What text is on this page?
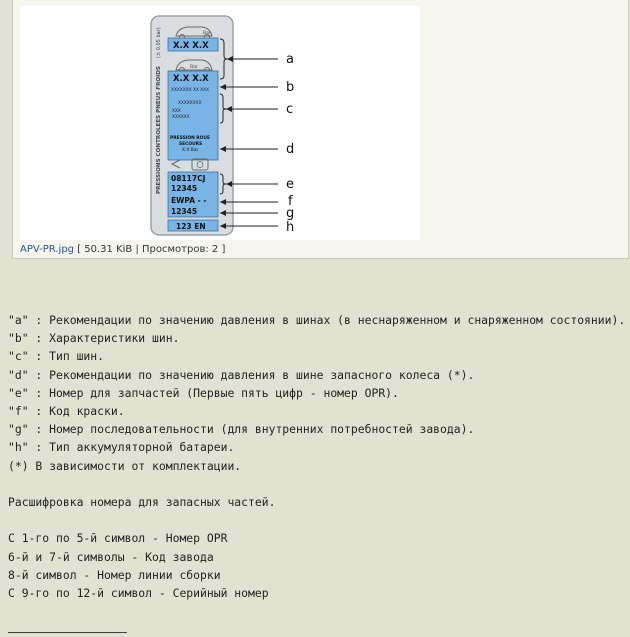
PRESSIONS CONTROLEES PNEUS FROIDS
(± 0,05 bar)	Bar
X.X X.X
Bar
X.X X.X
XXXXXXX XX XXX
XXXXXXXX
XXX
XXXXXX
PRESSION ROUE
SECOURS
X.X Bar
08117CJ
12345
EWPA - -
12345
123 EN
a
b
c
d
e
f
g
h
APV-PR.jpg [ 50.31 KiB | Просмотров: 2 ]

"a" : Рекомендации по значению давления в шинах (в неснаряженном и снаряженном состоянии).

"b" : Характеристики шин.

"c" : Тип шин.

"d" : Рекомендации по значению давления в шине запасного колеса (*).

"e" : Номер для запчастей (Первые пять цифр - номер OPR).

"f" : Код краски.

"g" : Номер последовательности (для внутренних потребностей завода).

"h" : Тип аккумуляторной батареи.

(*) В зависимости от комплектации.

Расшифровка номера для запасных частей.

С 1-го по 5-й символ - Номер OPR

6-й и 7-й символы - Код завода

8-й символ - Номер линии сборки

С 9-го по 12-й символ - Серийный номер
